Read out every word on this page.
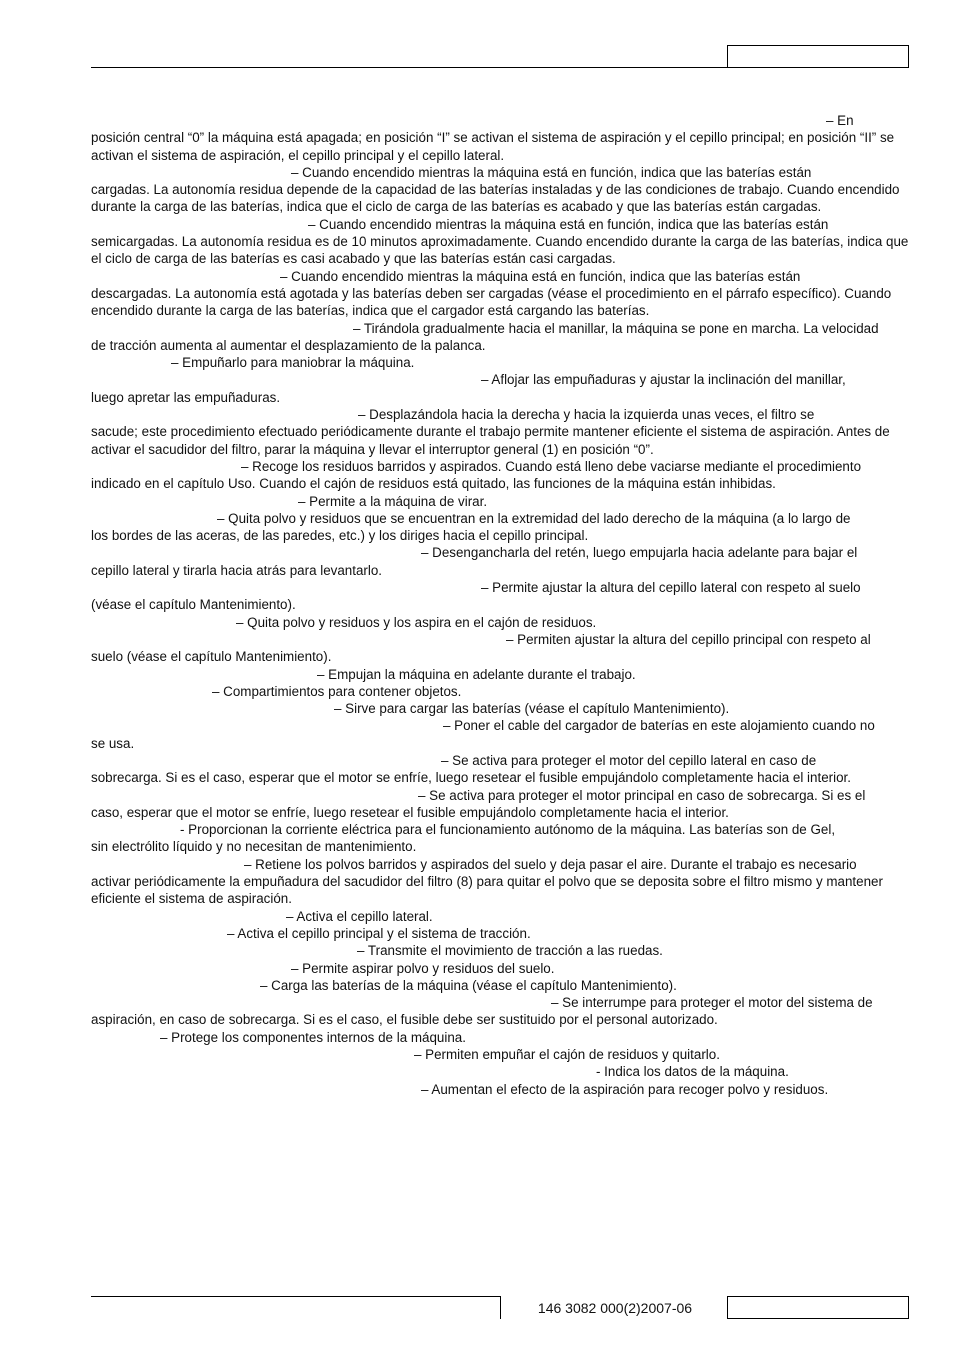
– En
posición central “0” la máquina está apagada; en posición “I” se activan el sistema de aspiración y el cepillo principal; en posición “II” se activan el sistema de aspiración, el cepillo principal y el cepillo lateral.

– Cuando encendido mientras la máquina está en función, indica que las baterías están
cargadas. La autonomía residua depende de la capacidad de las baterías instaladas y de las condiciones de trabajo. Cuando encendido durante la carga de las baterías, indica que el ciclo de carga de las baterías es acabado y que las baterías están cargadas.

– Cuando encendido mientras la máquina está en función, indica que las baterías están
semicargadas. La autonomía residua es de 10 minutos aproximadamente. Cuando encendido durante la carga de las baterías, indica que el ciclo de carga de las baterías es casi acabado y que las baterías están casi cargadas.

– Cuando encendido mientras la máquina está en función, indica que las baterías están
descargadas. La autonomía está agotada y las baterías deben ser cargadas (véase el procedimiento en el párrafo específico). Cuando encendido durante la carga de las baterías, indica que el cargador está cargando las baterías.

– Tirándola gradualmente hacia el manillar, la máquina se pone en marcha. La velocidad
de tracción aumenta al aumentar el desplazamiento de la palanca.

– Empuñarlo para maniobrar la máquina.

– Aflojar las empuñaduras y ajustar la inclinación del manillar,
luego apretar las empuñaduras.

– Desplazándola hacia la derecha y hacia la izquierda unas veces, el filtro se
sacude; este procedimiento efectuado periódicamente durante el trabajo permite mantener eficiente el sistema de aspiración. Antes de activar el sacudidor del filtro, parar la máquina y llevar el interruptor general (1) en posición “0”.

– Recoge los residuos barridos y aspirados. Cuando está lleno debe vaciarse mediante el procedimiento
indicado en el capítulo Uso. Cuando el cajón de residuos está quitado, las funciones de la máquina están inhibidas.

– Permite a la máquina de virar.

– Quita polvo y residuos que se encuentran en la extremidad del lado derecho de la máquina (a lo largo de
los bordes de las aceras, de las paredes, etc.) y los diriges hacia el cepillo principal.

– Desengancharla del retén, luego empujarla hacia adelante para bajar el
cepillo lateral y tirarla hacia atrás para levantarlo.

– Permite ajustar la altura del cepillo lateral con respeto al suelo
(véase el capítulo Mantenimiento).

– Quita polvo y residuos y los aspira en el cajón de residuos.

– Permiten ajustar la altura del cepillo principal con respeto al
suelo (véase el capítulo Mantenimiento).

– Empujan la máquina en adelante durante el trabajo.

– Compartimientos para contener objetos.

– Sirve para cargar las baterías (véase el capítulo Mantenimiento).

– Poner el cable del cargador de baterías en este alojamiento cuando no
se usa.

– Se activa para proteger el motor del cepillo lateral en caso de
sobrecarga. Si es el caso, esperar que el motor se enfríe, luego resetear el fusible empujándolo completamente hacia el interior.

– Se activa para proteger el motor principal en caso de sobrecarga. Si es el
caso, esperar que el motor se enfríe, luego resetear el fusible empujándolo completamente hacia el interior.

- Proporcionan la corriente eléctrica para el funcionamiento autónomo de la máquina. Las baterías son de Gel,
sin electrólito líquido y no necesitan de mantenimiento.

– Retiene los polvos barridos y aspirados del suelo y deja pasar el aire. Durante el trabajo es necesario
activar periódicamente la empuñadura del sacudidor del filtro (8) para quitar el polvo que se deposita sobre el filtro mismo y mantener eficiente el sistema de aspiración.

– Activa el cepillo lateral.

– Activa el cepillo principal y el sistema de tracción.

– Transmite el movimiento de tracción a las ruedas.

– Permite aspirar polvo y residuos del suelo.

– Carga las baterías de la máquina (véase el capítulo Mantenimiento).

– Se interrumpe para proteger el motor del sistema de
aspiración, en caso de sobrecarga. Si es el caso, el fusible debe ser sustituido por el personal autorizado.

– Protege los componentes internos de la máquina.

– Permiten empuñar el cajón de residuos y quitarlo.

- Indica los datos de la máquina.

– Aumentan el efecto de la aspiración para recoger polvo y residuos.

146 3082 000(2)2007-06
